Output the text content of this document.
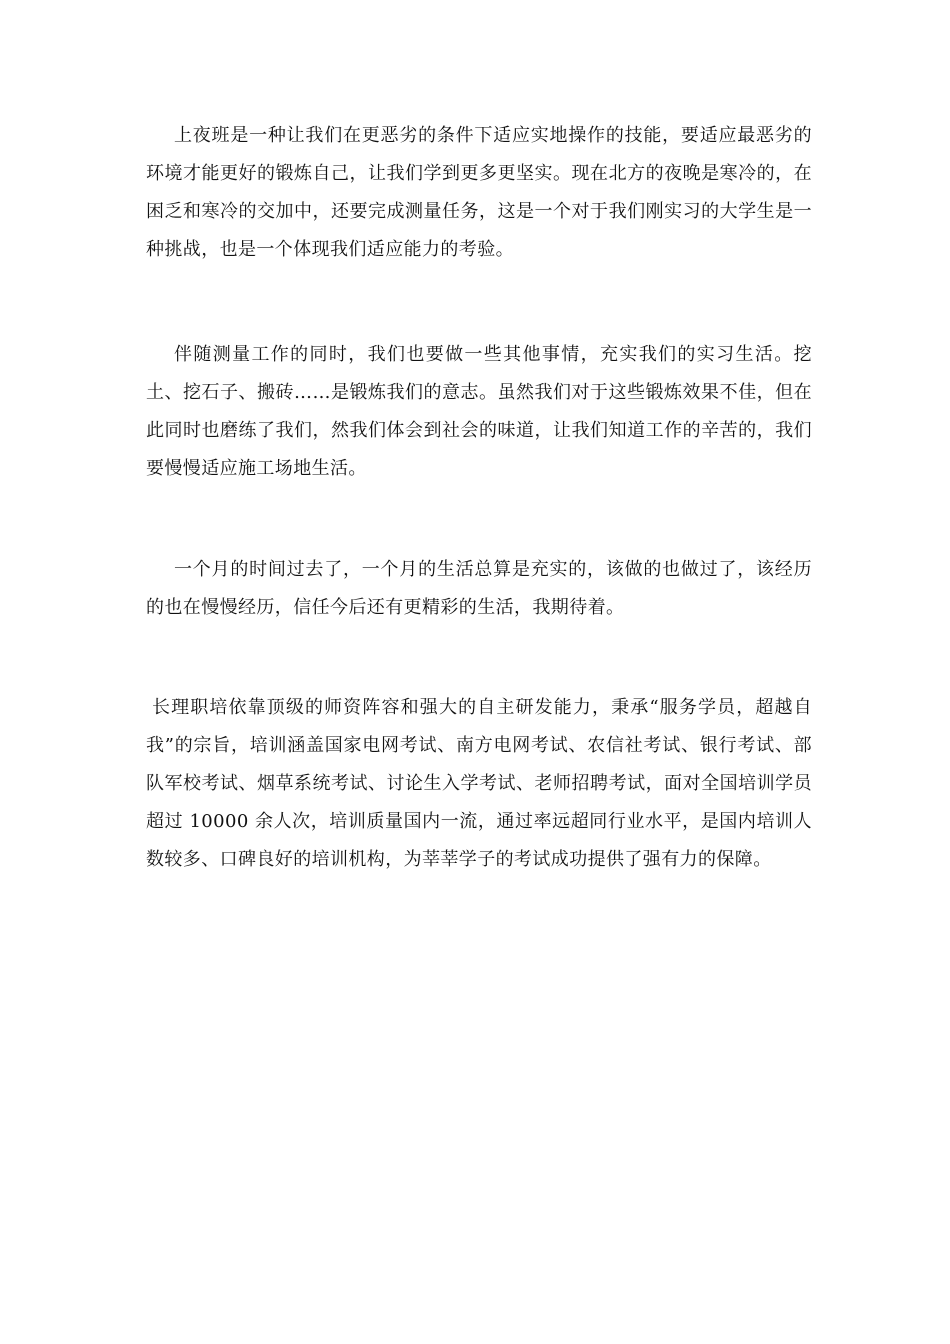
上夜班是一种让我们在更恶劣的条件下适应实地操作的技能，要适应最恶劣的环境才能更好的锻炼自己，让我们学到更多更坚实。现在北方的夜晚是寒冷的，在困乏和寒冷的交加中，还要完成测量任务，这是一个对于我们刚实习的大学生是一种挑战，也是一个体现我们适应能力的考验。

伴随测量工作的同时，我们也要做一些其他事情，充实我们的实习生活。挖土、挖石子、搬砖……是锻炼我们的意志。虽然我们对于这些锻炼效果不佳，但在此同时也磨练了我们，然我们体会到社会的味道，让我们知道工作的辛苦的，我们要慢慢适应施工场地生活。

一个月的时间过去了，一个月的生活总算是充实的，该做的也做过了，该经历的也在慢慢经历，信任今后还有更精彩的生活，我期待着。

长理职培依靠顶级的师资阵容和强大的自主研发能力，秉承“服务学员，超越自我”的宗旨，培训涵盖国家电网考试、南方电网考试、农信社考试、银行考试、部队军校考试、烟草系统考试、讨论生入学考试、老师招聘考试，面对全国培训学员超过 10000 余人次，培训质量国内一流，通过率远超同行业水平，是国内培训人数较多、口碑良好的培训机构，为莘莘学子的考试成功提供了强有力的保障。
